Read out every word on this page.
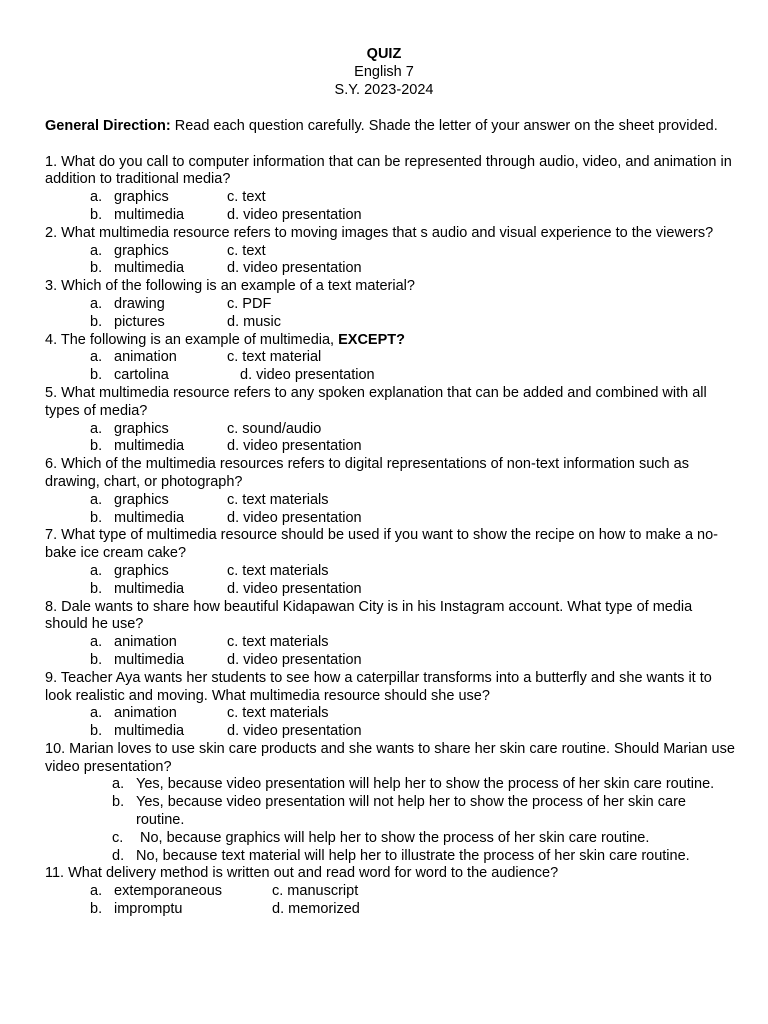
QUIZ
English 7
S.Y. 2023-2024

General Direction: Read each question carefully. Shade the letter of your answer on the sheet provided.

1. What do you call to computer information that can be represented through audio, video, and animation in addition to traditional media?

a. graphics	c. text
b. multimedia	d. video presentation

2. What multimedia resource refers to moving images that s audio and visual experience to the viewers?

a. graphics	c. text
b. multimedia	d. video presentation

3. Which of the following is an example of a text material?

a. drawing	c. PDF
b. pictures	d. music

4. The following is an example of multimedia, EXCEPT?

a. animation	c. text material
b. cartolina	d. video presentation

5. What multimedia resource refers to any spoken explanation that can be added and combined with all types of media?

a. graphics	c. sound/audio
b. multimedia	d. video presentation

6. Which of the multimedia resources refers to digital representations of non-text information such as drawing, chart, or photograph?

a. graphics	c. text materials
b. multimedia	d. video presentation

7. What type of multimedia resource should be used if you want to show the recipe on how to make a no-bake ice cream cake?

a. graphics	c. text materials
b. multimedia	d. video presentation

8. Dale wants to share how beautiful Kidapawan City is in his Instagram account. What type of media should he use?

a. animation	c. text materials
b. multimedia	d. video presentation

9. Teacher Aya wants her students to see how a caterpillar transforms into a butterfly and she wants it to look realistic and moving. What multimedia resource should she use?

a. animation	c. text materials
b. multimedia	d. video presentation

10. Marian loves to use skin care products and she wants to share her skin care routine. Should Marian use video presentation?

a. Yes, because video presentation will help her to show the process of her skin care routine.
b. Yes, because video presentation will not help her to show the process of her skin care routine.
c.	No, because graphics will help her to show the process of her skin care routine.
d. No, because text material will help her to illustrate the process of her skin care routine.

11. What delivery method is written out and read word for word to the audience?

a. extemporaneous	c. manuscript
b. impromptu	d. memorized
